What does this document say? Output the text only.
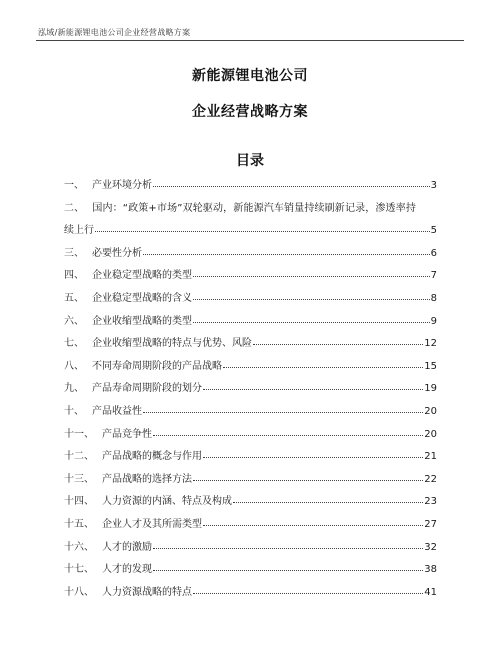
泓域/新能源锂电池公司企业经营战略方案
新能源锂电池公司
企业经营战略方案
目录
一、 产业环境分析	3
二、 国内：“政策+市场”双轮驱动，新能源汽车销量持续刷新记录，渗透率持
续上行	5
三、 必要性分析	6
四、 企业稳定型战略的类型	7
五、 企业稳定型战略的含义	8
六、 企业收缩型战略的类型	9
七、 企业收缩型战略的特点与优势、风险	12
八、 不同寿命周期阶段的产品战略	15
九、 产品寿命周期阶段的划分	19
十、 产品收益性	20
十一、 产品竞争性	20
十二、 产品战略的概念与作用	21
十三、 产品战略的选择方法	22
十四、 人力资源的内涵、特点及构成	23
十五、 企业人才及其所需类型	27
十六、 人才的激励	32
十七、 人才的发现	38
十八、 人力资源战略的特点	41
